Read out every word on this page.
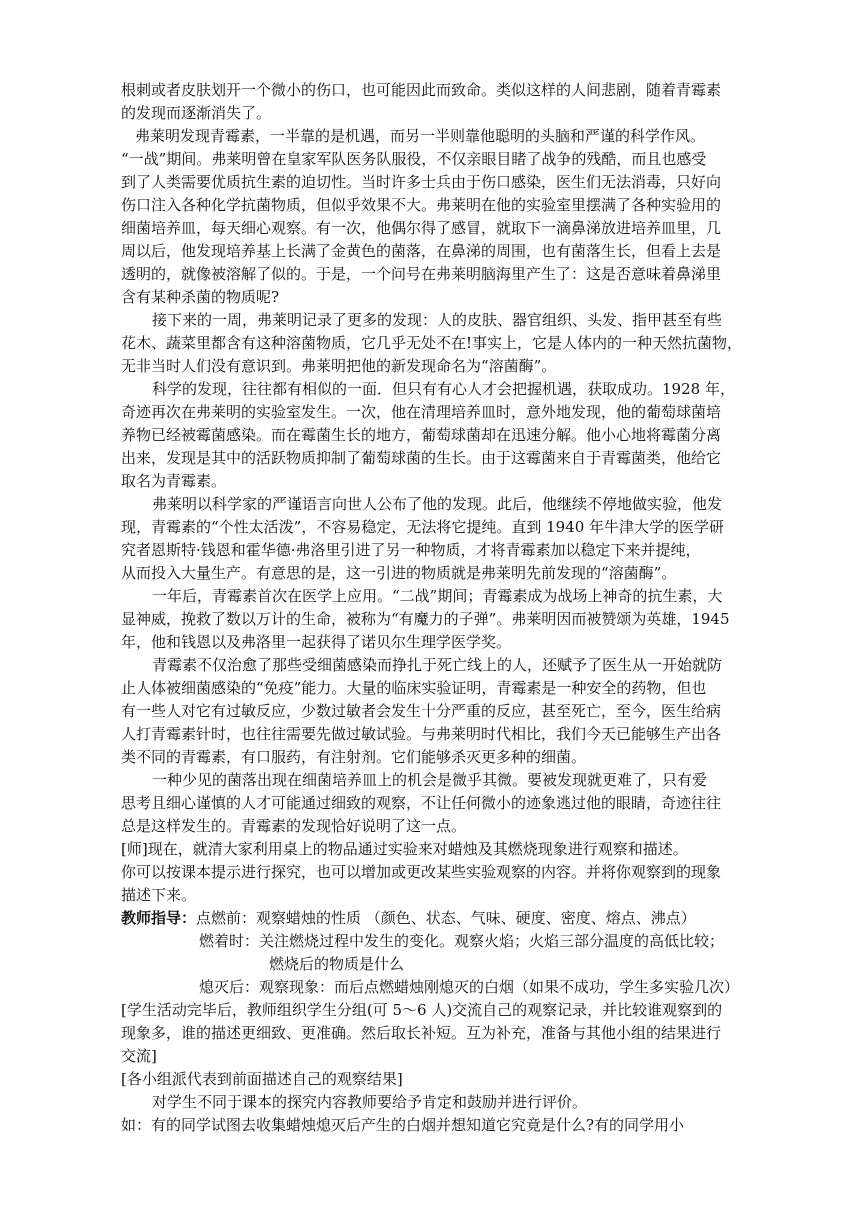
根刺或者皮肤划开一个微小的伤口，也可能因此而致命。类似这样的人间悲剧，随着青霉素
的发现而逐渐消失了。
弗莱明发现青霉素，一半靠的是机遇，而另一半则靠他聪明的头脑和严谨的科学作风。
“一战”期间。弗莱明曾在皇家军队医务队服役，不仅亲眼目睹了战争的残酷，而且也感受
到了人类需要优质抗生素的迫切性。当时许多士兵由于伤口感染，医生们无法消毒，只好向
伤口注入各种化学抗菌物质，但似乎效果不大。弗莱明在他的实验室里摆满了各种实验用的
细菌培养皿，每天细心观察。有一次，他偶尔得了感冒，就取下一滴鼻涕放进培养皿里，几
周以后，他发现培养基上长满了金黄色的菌落，在鼻涕的周围，也有菌落生长，但看上去是
透明的，就像被溶解了似的。于是，一个问号在弗莱明脑海里产生了：这是否意味着鼻涕里
含有某种杀菌的物质呢?
接下来的一周，弗莱明记录了更多的发现：人的皮肤、器官组织、头发、指甲甚至有些
花木、蔬菜里都含有这种溶菌物质，它几乎无处不在!事实上，它是人体内的一种天然抗菌物，
无非当时人们没有意识到。弗莱明把他的新发现命名为“溶菌酶”。
科学的发现，往往都有相似的一面．但只有有心人才会把握机遇，获取成功。1928 年，
奇迹再次在弗莱明的实验室发生。一次，他在清理培养皿时，意外地发现，他的葡萄球菌培
养物已经被霉菌感染。而在霉菌生长的地方，葡萄球菌却在迅速分解。他小心地将霉菌分离
出来，发现是其中的活跃物质抑制了葡萄球菌的生长。由于这霉菌来自于青霉菌类，他给它
取名为青霉素。
弗莱明以科学家的严谨语言向世人公布了他的发现。此后，他继续不停地做实验，他发
现，青霉素的“个性太活泼”，不容易稳定，无法将它提纯。直到 1940 年牛津大学的医学研
究者恩斯特·钱恩和霍华德·弗洛里引进了另一种物质，才将青霉素加以稳定下来并提纯，
从而投入大量生产。有意思的是，这一引进的物质就是弗莱明先前发现的“溶菌酶”。
一年后，青霉素首次在医学上应用。“二战”期间；青霉素成为战场上神奇的抗生素，大
显神威，挽救了数以万计的生命，被称为“有魔力的子弹”。弗莱明因而被赞颂为英雄，1945
年，他和钱恩以及弗洛里一起获得了诺贝尔生理学医学奖。
青霉素不仅治愈了那些受细菌感染而挣扎于死亡线上的人，还赋予了医生从一开始就防
止人体被细菌感染的“免疫”能力。大量的临床实验证明，青霉素是一种安全的药物，但也
有一些人对它有过敏反应，少数过敏者会发生十分严重的反应，甚至死亡，至今，医生给病
人打青霉素针时，也往往需要先做过敏试验。与弗莱明时代相比，我们今天已能够生产出各
类不同的青霉素，有口服药，有注射剂。它们能够杀灭更多种的细菌。
一种少见的菌落出现在细菌培养皿上的机会是微乎其微。要被发现就更难了，只有爱
思考且细心谨慎的人才可能通过细致的观察，不让任何微小的迹象逃过他的眼睛，奇迹往往
总是这样发生的。青霉素的发现恰好说明了这一点。
[师]现在，就清大家利用桌上的物品通过实验来对蜡烛及其燃烧现象进行观察和描述。
你可以按课本提示进行探究，也可以增加或更改某些实验观察的内容。并将你观察到的现象
描述下来。
教师指导：点燃前：观察蜡烛的性质 （颜色、状态、气味、硬度、密度、熔点、沸点）
燃着时：关注燃烧过程中发生的变化。观察火焰；火焰三部分温度的高低比较；
燃烧后的物质是什么
熄灭后：观察现象：而后点燃蜡烛刚熄灭的白烟（如果不成功，学生多实验几次）
[学生活动完毕后，教师组织学生分组(可 5～6 人)交流自己的观察记录，并比较谁观察到的
现象多，谁的描述更细致、更准确。然后取长补短。互为补充，准备与其他小组的结果进行
交流]
[各小组派代表到前面描述自己的观察结果]
对学生不同于课本的探究内容教师要给予肯定和鼓励并进行评价。
如：有的同学试图去收集蜡烛熄灭后产生的白烟并想知道它究竟是什么?有的同学用小
